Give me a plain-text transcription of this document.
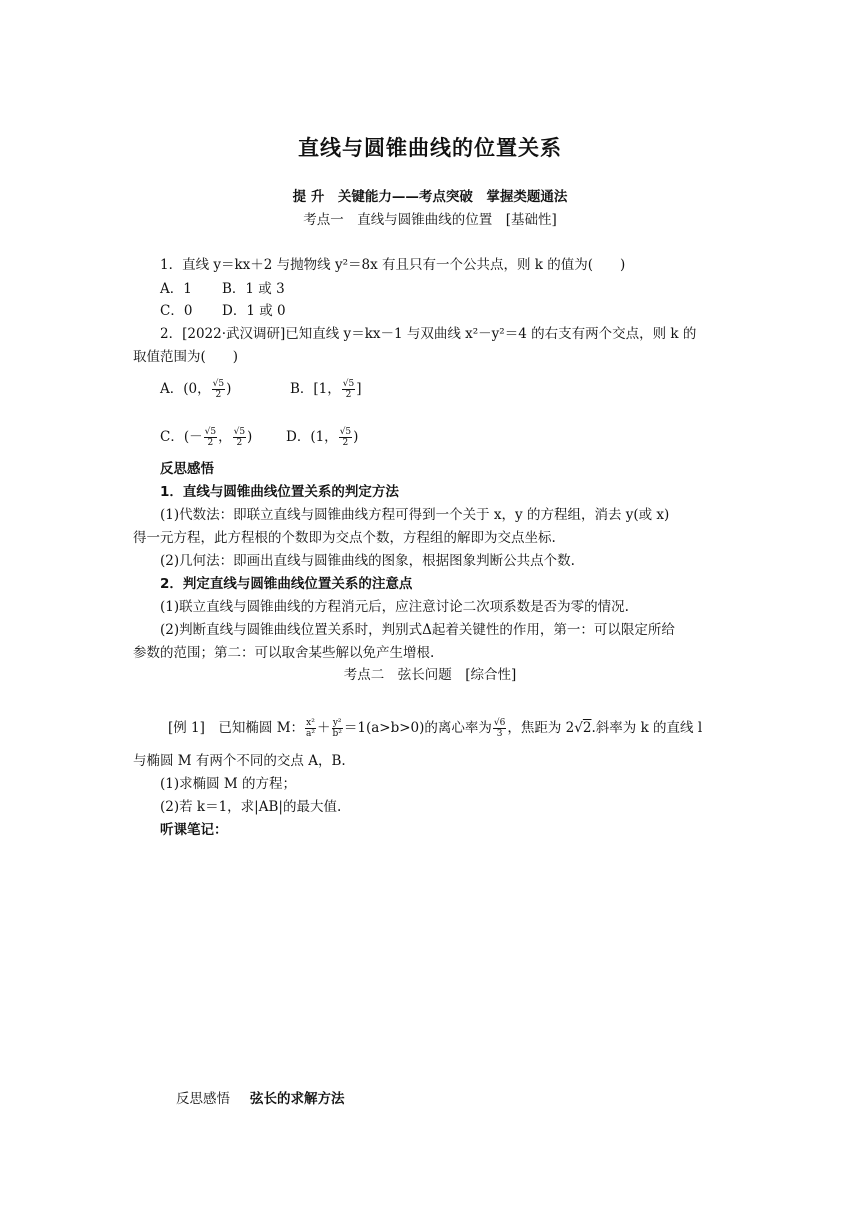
直线与圆锥曲线的位置关系
提 升　关键能力——考点突破　掌握类题通法
考点一　直线与圆锥曲线的位置　[基础性]
1．直线 y＝kx＋2 与抛物线 y²＝8x 有且只有一个公共点，则 k 的值为(　　)
A．1 B．1 或 3
C．0 D．1 或 0
2．[2022·武汉调研]已知直线 y＝kx－1 与双曲线 x²－y²＝4 的右支有两个交点，则 k 的
取值范围为(　　)
A．(0， $\frac{√5}{2}$ )	B．[1， $\frac{√5}{2}$ ]
C．(－ $\frac{√5}{2}$ ， $\frac{√5}{2}$ ) D．(1， $\frac{√5}{2}$ )
反思感悟
1．直线与圆锥曲线位置关系的判定方法
(1)代数法：即联立直线与圆锥曲线方程可得到一个关于 x，y 的方程组，消去 y(或 x)
得一元方程，此方程根的个数即为交点个数，方程组的解即为交点坐标.
(2)几何法：即画出直线与圆锥曲线的图象，根据图象判断公共点个数.
2．判定直线与圆锥曲线位置关系的注意点
(1)联立直线与圆锥曲线的方程消元后，应注意讨论二次项系数是否为零的情况.
(2)判断直线与圆锥曲线位置关系时，判别式Δ起着关键性的作用，第一：可以限定所给
参数的范围；第二：可以取舍某些解以免产生增根.
考点二　弦长问题　[综合性]
[例 1]　已知椭圆 M： $\frac{\text{x²}}{\text{a²}} + \frac{\text{y²}}{\text{b²}} =1(a>b>0)$的离心率为 $\frac{√6}{3}$ ，焦距为 2√2.斜率为 k 的直线 l
与椭圆 M 有两个不同的交点 A，B.
(1)求椭圆 M 的方程；
(2)若 k＝1，求|AB|的最大值.
听课笔记：
反思感悟 弦长的求解方法
